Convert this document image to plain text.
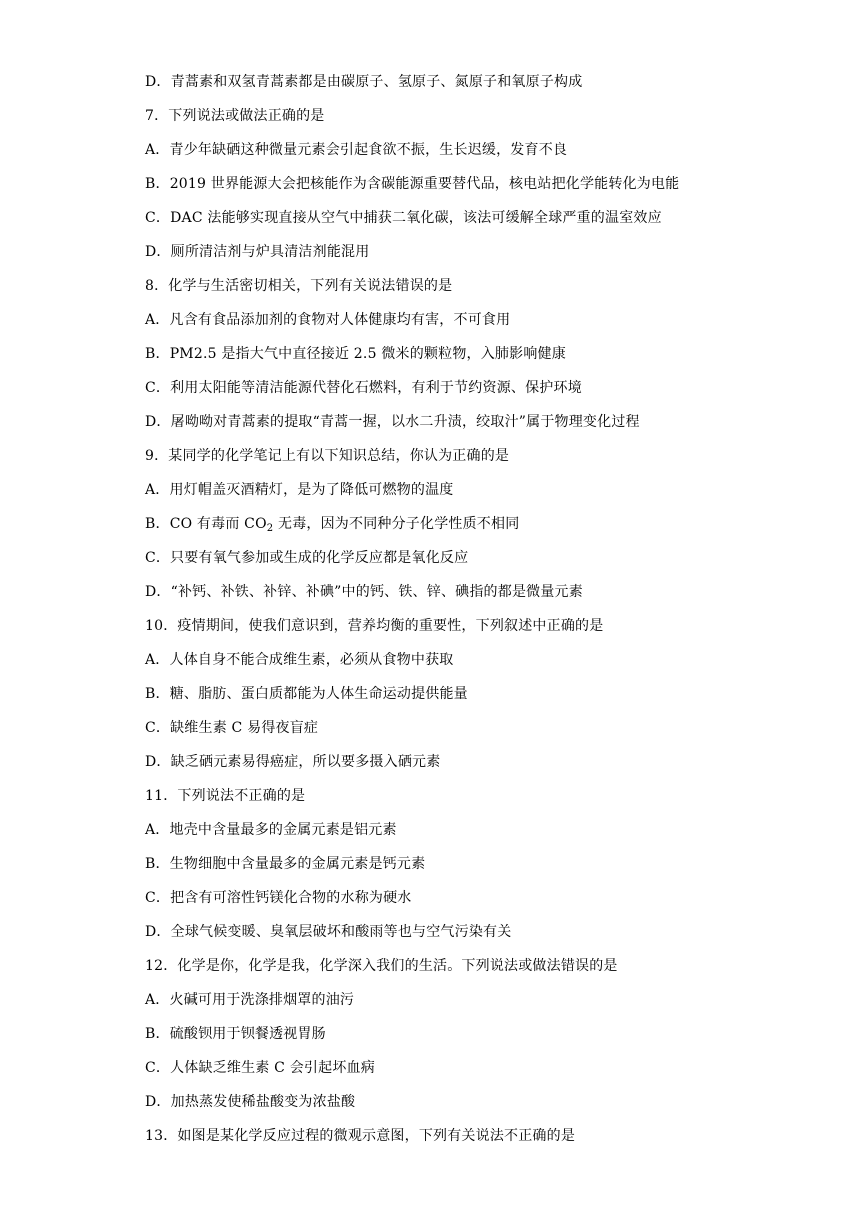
D．青蒿素和双氢青蒿素都是由碳原子、氢原子、氮原子和氧原子构成
7．下列说法或做法正确的是
A．青少年缺硒这种微量元素会引起食欲不振，生长迟缓，发育不良
B．2019 世界能源大会把核能作为含碳能源重要替代品，核电站把化学能转化为电能
C．DAC 法能够实现直接从空气中捕获二氧化碳，该法可缓解全球严重的温室效应
D．厕所清洁剂与炉具清洁剂能混用
8．化学与生活密切相关，下列有关说法错误的是
A．凡含有食品添加剂的食物对人体健康均有害，不可食用
B．PM2.5 是指大气中直径接近 2.5 微米的颗粒物，入肺影响健康
C．利用太阳能等清洁能源代替化石燃料，有利于节约资源、保护环境
D．屠呦呦对青蒿素的提取“青蒿一握，以水二升渍，绞取汁”属于物理变化过程
9．某同学的化学笔记上有以下知识总结，你认为正确的是
A．用灯帽盖灭酒精灯，是为了降低可燃物的温度
B．CO 有毒而 $CO_2$ 无毒，因为不同种分子化学性质不相同
C．只要有氧气参加或生成的化学反应都是氧化反应
D．“补钙、补铁、补锌、补碘”中的钙、铁、锌、碘指的都是微量元素
10．疫情期间，使我们意识到，营养均衡的重要性，下列叙述中正确的是
A．人体自身不能合成维生素，必须从食物中获取
B．糖、脂肪、蛋白质都能为人体生命运动提供能量
C．缺维生素 C 易得夜盲症
D．缺乏硒元素易得癌症，所以要多摄入硒元素
11．下列说法不正确的是
A．地壳中含量最多的金属元素是铝元素
B．生物细胞中含量最多的金属元素是钙元素
C．把含有可溶性钙镁化合物的水称为硬水
D．全球气候变暖、臭氧层破坏和酸雨等也与空气污染有关
12．化学是你，化学是我，化学深入我们的生活。下列说法或做法错误的是
A．火碱可用于洗涤排烟罩的油污
B．硫酸钡用于钡餐透视胃肠
C．人体缺乏维生素 C 会引起坏血病
D．加热蒸发使稀盐酸变为浓盐酸
13．如图是某化学反应过程的微观示意图，下列有关说法不正确的是
